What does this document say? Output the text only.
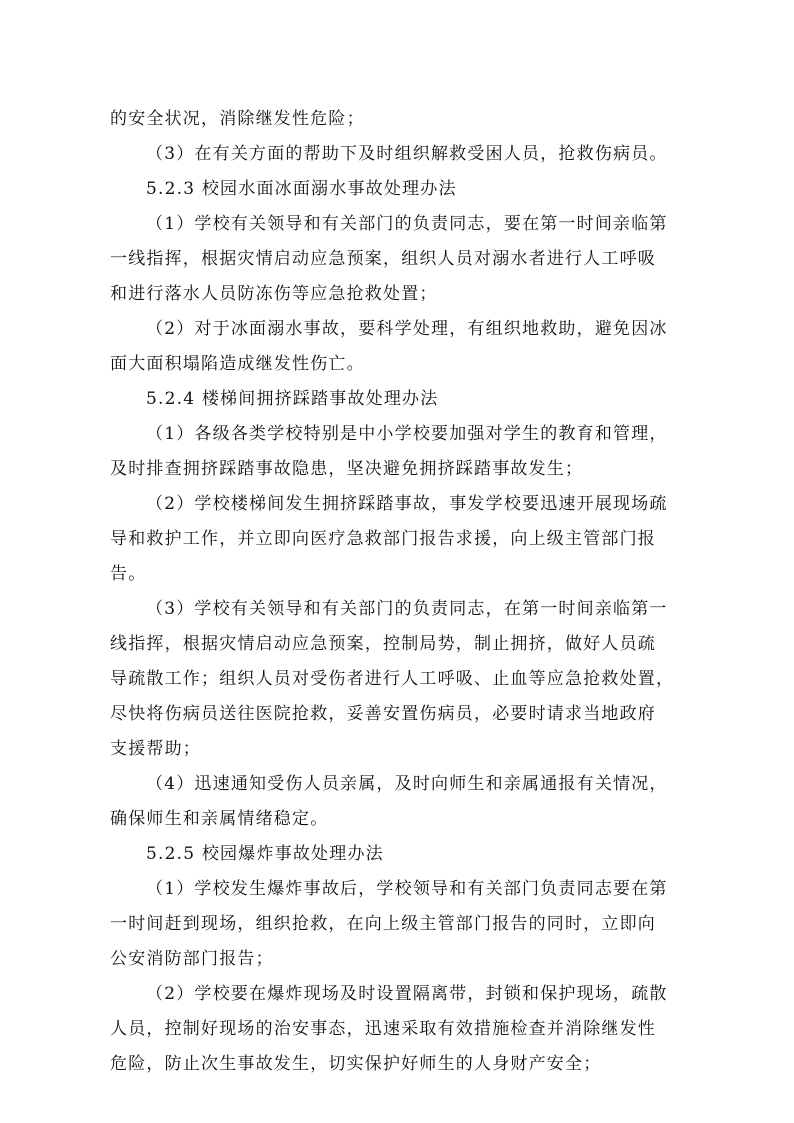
的安全状况，消除继发性危险；
（3）在有关方面的帮助下及时组织解救受困人员，抢救伤病员。
5.2.3 校园水面冰面溺水事故处理办法
（1）学校有关领导和有关部门的负责同志，要在第一时间亲临第
一线指挥，根据灾情启动应急预案，组织人员对溺水者进行人工呼吸
和进行落水人员防冻伤等应急抢救处置；
（2）对于冰面溺水事故，要科学处理，有组织地救助，避免因冰
面大面积塌陷造成继发性伤亡。
5.2.4 楼梯间拥挤踩踏事故处理办法
（1）各级各类学校特别是中小学校要加强对学生的教育和管理，
及时排查拥挤踩踏事故隐患，坚决避免拥挤踩踏事故发生；
（2）学校楼梯间发生拥挤踩踏事故，事发学校要迅速开展现场疏
导和救护工作，并立即向医疗急救部门报告求援，向上级主管部门报
告。
（3）学校有关领导和有关部门的负责同志，在第一时间亲临第一
线指挥，根据灾情启动应急预案，控制局势，制止拥挤，做好人员疏
导疏散工作；组织人员对受伤者进行人工呼吸、止血等应急抢救处置，
尽快将伤病员送往医院抢救，妥善安置伤病员，必要时请求当地政府
支援帮助；
（4）迅速通知受伤人员亲属，及时向师生和亲属通报有关情况，
确保师生和亲属情绪稳定。
5.2.5 校园爆炸事故处理办法
（1）学校发生爆炸事故后，学校领导和有关部门负责同志要在第
一时间赶到现场，组织抢救，在向上级主管部门报告的同时，立即向
公安消防部门报告；
（2）学校要在爆炸现场及时设置隔离带，封锁和保护现场，疏散
人员，控制好现场的治安事态，迅速采取有效措施检查并消除继发性
危险，防止次生事故发生，切实保护好师生的人身财产安全；
